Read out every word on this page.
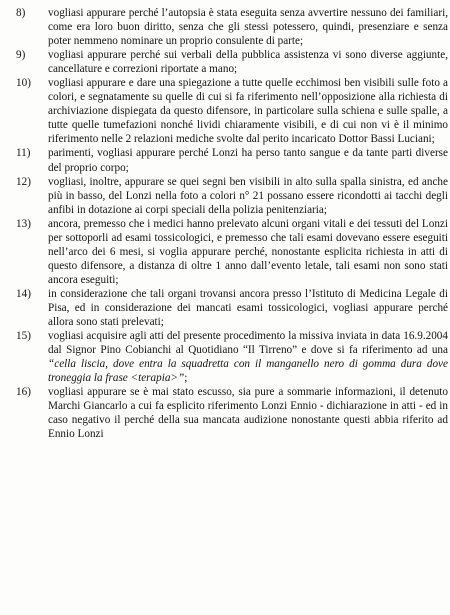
8)	vogliasi appurare perché l’autopsia è stata eseguita senza avvertire nessuno dei familiari, come era loro buon diritto, senza che gli stessi potessero, quindi, presenziare e senza poter nemmeno nominare un proprio consulente di parte;
9)	vogliasi appurare perché sui verbali della pubblica assistenza vi sono diverse aggiunte, cancellature e correzioni riportate a mano;
10)	vogliasi appurare e dare una spiegazione a tutte quelle ecchimosi ben visibili sulle foto a colori, e segnatamente su quelle di cui si fa riferimento nell’opposizione alla richiesta di archiviazione dispiegata da questo difensore, in particolare sulla schiena e sulle spalle, a tutte quelle tumefazioni nonché lividi chiaramente visibili, e di cui non vi è il minimo riferimento nelle 2 relazioni mediche svolte dal perito incaricato Dottor Bassi Luciani;
11)	parimenti, vogliasi appurare perché Lonzi ha perso tanto sangue e da tante parti diverse del proprio corpo;
12)	vogliasi, inoltre, appurare se quei segni ben visibili in alto sulla spalla sinistra, ed anche più in basso, del Lonzi nella foto a colori n° 21 possano essere ricondotti ai tacchi degli anfibi in dotazione ai corpi speciali della polizia penitenziaria;
13)	ancora, premesso che i medici hanno prelevato alcuni organi vitali e dei tessuti del Lonzi per sottoporli ad esami tossicologici, e premesso che tali esami dovevano essere eseguiti nell’arco dei 6 mesi, si voglia appurare perché, nonostante esplicita richiesta in atti di questo difensore, a distanza di oltre 1 anno dall’evento letale, tali esami non sono stati ancora eseguiti;
14)	in considerazione che tali organi trovansi ancora presso l’Istituto di Medicina Legale di Pisa, ed in considerazione dei mancati esami tossicologici, vogliasi appurare perché allora sono stati prelevati;
15)	vogliasi acquisire agli atti del presente procedimento la missiva inviata in data 16.9.2004 dal Signor Pino Cobianchi al Quotidiano “Il Tirreno” e dove si fa riferimento ad una “cella liscia, dove entra la squadretta con il manganello nero di gomma dura dove troneggia la frase <terapia>”;
16)	vogliasi appurare se è mai stato escusso, sia pure a sommarie informazioni, il detenuto Marchi Giancarlo a cui fa esplicito riferimento Lonzi Ennio - dichiarazione in atti - ed in caso negativo il perché della sua mancata audizione nonostante questi abbia riferito ad Ennio Lonzi
